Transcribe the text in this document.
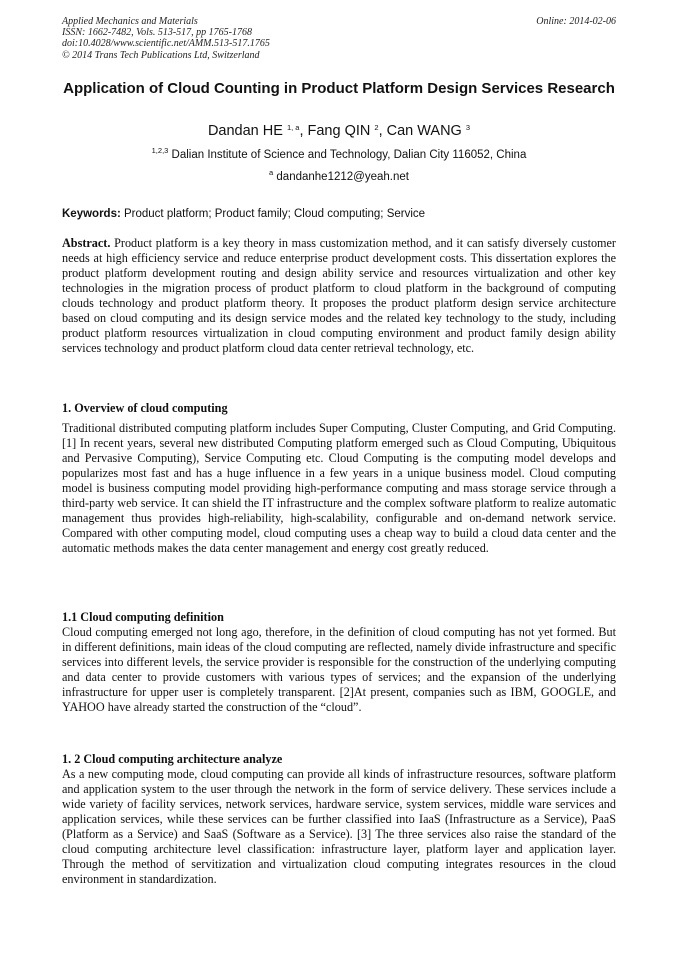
Applied Mechanics and Materials
ISSN: 1662-7482, Vols. 513-517, pp 1765-1768
doi:10.4028/www.scientific.net/AMM.513-517.1765
© 2014 Trans Tech Publications Ltd, Switzerland
Online: 2014-02-06
Application of Cloud Counting in Product Platform Design Services Research
Dandan HE $^{1, a}$, Fang QIN $^2$, Can WANG $^3$
$^{1,2,3}$ Dalian Institute of Science and Technology, Dalian City 116052, China
$^a$ dandanhe1212@yeah.net
Keywords: Product platform; Product family; Cloud computing; Service
Abstract. Product platform is a key theory in mass customization method, and it can satisfy diversely customer needs at high efficiency service and reduce enterprise product development costs. This dissertation explores the product platform development routing and design ability service and resources virtualization and other key technologies in the migration process of product platform to cloud platform in the background of computing clouds technology and product platform theory. It proposes the product platform design service architecture based on cloud computing and its design service modes and the related key technology to the study, including product platform resources virtualization in cloud computing environment and product family design ability services technology and product platform cloud data center retrieval technology, etc.
1. Overview of cloud computing
Traditional distributed computing platform includes Super Computing, Cluster Computing, and Grid Computing.[1] In recent years, several new distributed Computing platform emerged such as Cloud Computing, Ubiquitous and Pervasive Computing), Service Computing etc. Cloud Computing is the computing model develops and popularizes most fast and has a huge influence in a few years in a unique business model. Cloud computing model is business computing model providing high-performance computing and mass storage service through a third-party web service. It can shield the IT infrastructure and the complex software platform to realize automatic management thus provides high-reliability, high-scalability, configurable and on-demand network service. Compared with other computing model, cloud computing uses a cheap way to build a cloud data center and the automatic methods makes the data center management and energy cost greatly reduced.
1.1 Cloud computing definition
Cloud computing emerged not long ago, therefore, in the definition of cloud computing has not yet formed. But in different definitions, main ideas of the cloud computing are reflected, namely divide infrastructure and specific services into different levels, the service provider is responsible for the construction of the underlying computing and data center to provide customers with various types of services; and the expansion of the underlying infrastructure for upper user is completely transparent. [2]At present, companies such as IBM, GOOGLE, and YAHOO have already started the construction of the “cloud”.
1. 2 Cloud computing architecture analyze
As a new computing mode, cloud computing can provide all kinds of infrastructure resources, software platform and application system to the user through the network in the form of service delivery. These services include a wide variety of facility services, network services, hardware service, system services, middle ware services and application services, while these services can be further classified into IaaS (Infrastructure as a Service), PaaS (Platform as a Service) and SaaS (Software as a Service). [3] The three services also raise the standard of the cloud computing architecture level classification: infrastructure layer, platform layer and application layer. Through the method of servitization and virtualization cloud computing integrates resources in the cloud environment in standardization.
